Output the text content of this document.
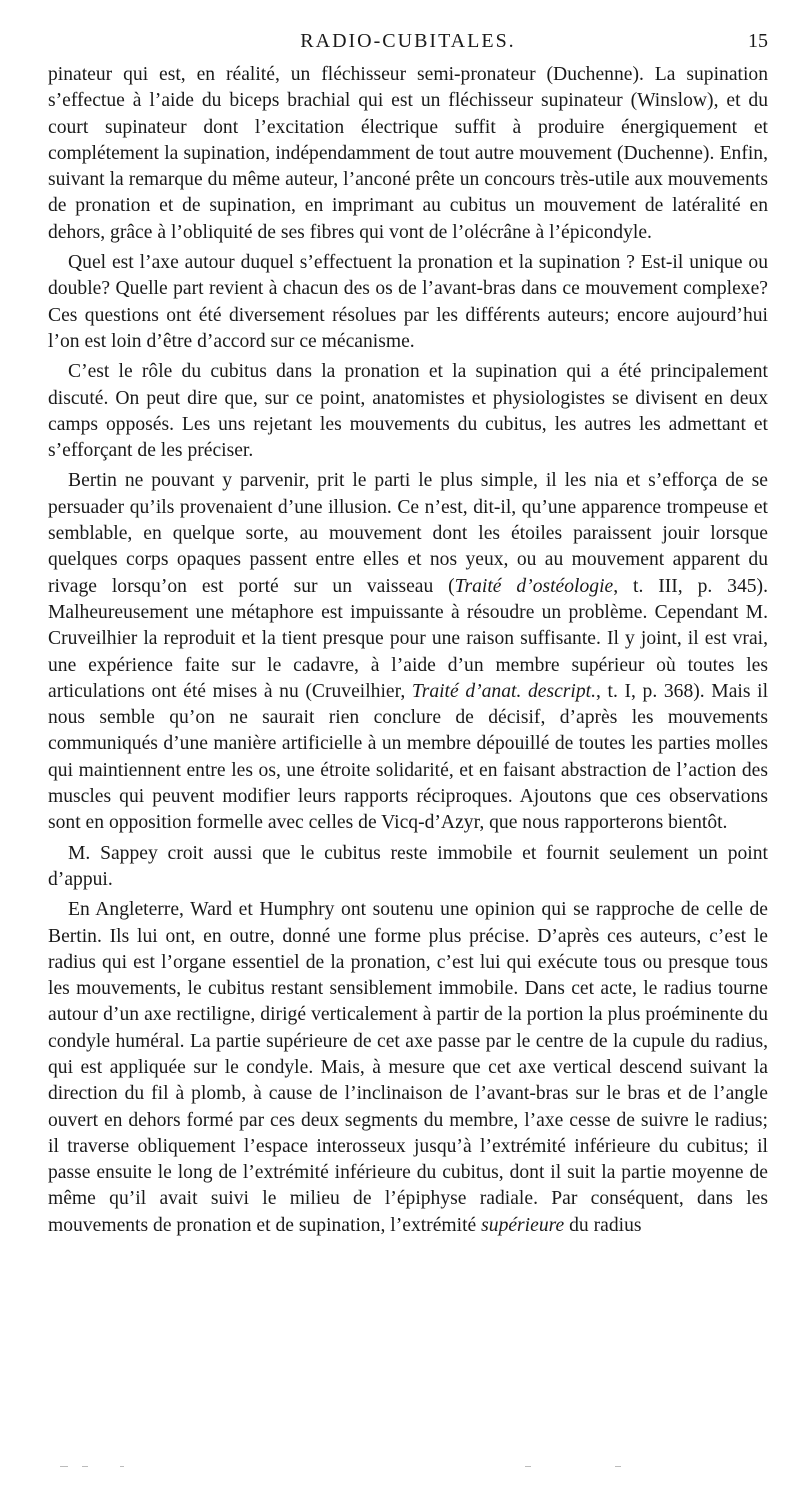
RADIO-CUBITALES.	15

pinateur qui est, en réalité, un fléchisseur semi-pronateur (Duchenne). La supination s’effectue à l’aide du biceps brachial qui est un fléchisseur supinateur (Winslow), et du court supinateur dont l’excitation électrique suffit à produire énergiquement et complétement la supination, indépendamment de tout autre mouvement (Duchenne). Enfin, suivant la remarque du même auteur, l’anconé prête un concours très-utile aux mouvements de pronation et de supination, en imprimant au cubitus un mouvement de latéralité en dehors, grâce à l’obliquité de ses fibres qui vont de l’olécrâne à l’épicondyle.

Quel est l’axe autour duquel s’effectuent la pronation et la supination ? Est-il unique ou double? Quelle part revient à chacun des os de l’avant-bras dans ce mouvement complexe? Ces questions ont été diversement résolues par les différents auteurs; encore aujourd’hui l’on est loin d’être d’accord sur ce mécanisme.

C’est le rôle du cubitus dans la pronation et la supination qui a été principalement discuté. On peut dire que, sur ce point, anatomistes et physiologistes se divisent en deux camps opposés. Les uns rejetant les mouvements du cubitus, les autres les admettant et s’efforçant de les préciser.

Bertin ne pouvant y parvenir, prit le parti le plus simple, il les nia et s’efforça de se persuader qu’ils provenaient d’une illusion. Ce n’est, dit-il, qu’une apparence trompeuse et semblable, en quelque sorte, au mouvement dont les étoiles paraissent jouir lorsque quelques corps opaques passent entre elles et nos yeux, ou au mouvement apparent du rivage lorsqu’on est porté sur un vaisseau (Traité d’ostéologie, t. III, p. 345). Malheureusement une métaphore est impuissante à résoudre un problème. Cependant M. Cruveilhier la reproduit et la tient presque pour une raison suffisante. Il y joint, il est vrai, une expérience faite sur le cadavre, à l’aide d’un membre supérieur où toutes les articulations ont été mises à nu (Cruveilhier, Traité d’anat. descript., t. I, p. 368). Mais il nous semble qu’on ne saurait rien conclure de décisif, d’après les mouvements communiqués d’une manière artificielle à un membre dépouillé de toutes les parties molles qui maintiennent entre les os, une étroite solidarité, et en faisant abstraction de l’action des muscles qui peuvent modifier leurs rapports réciproques. Ajoutons que ces observations sont en opposition formelle avec celles de Vicq-d’Azyr, que nous rapporterons bientôt.

M. Sappey croit aussi que le cubitus reste immobile et fournit seulement un point d’appui.

En Angleterre, Ward et Humphry ont soutenu une opinion qui se rapproche de celle de Bertin. Ils lui ont, en outre, donné une forme plus précise. D’après ces auteurs, c’est le radius qui est l’organe essentiel de la pronation, c’est lui qui exécute tous ou presque tous les mouvements, le cubitus restant sensiblement immobile. Dans cet acte, le radius tourne autour d’un axe rectiligne, dirigé verticalement à partir de la portion la plus proéminente du condyle huméral. La partie supérieure de cet axe passe par le centre de la cupule du radius, qui est appliquée sur le condyle. Mais, à mesure que cet axe vertical descend suivant la direction du fil à plomb, à cause de l’inclinaison de l’avant-bras sur le bras et de l’angle ouvert en dehors formé par ces deux segments du membre, l’axe cesse de suivre le radius; il traverse obliquement l’espace interosseux jusqu’à l’extrémité inférieure du cubitus; il passe ensuite le long de l’extrémité inférieure du cubitus, dont il suit la partie moyenne de même qu’il avait suivi le milieu de l’épiphyse radiale. Par conséquent, dans les mouvements de pronation et de supination, l’extrémité supérieure du radius
